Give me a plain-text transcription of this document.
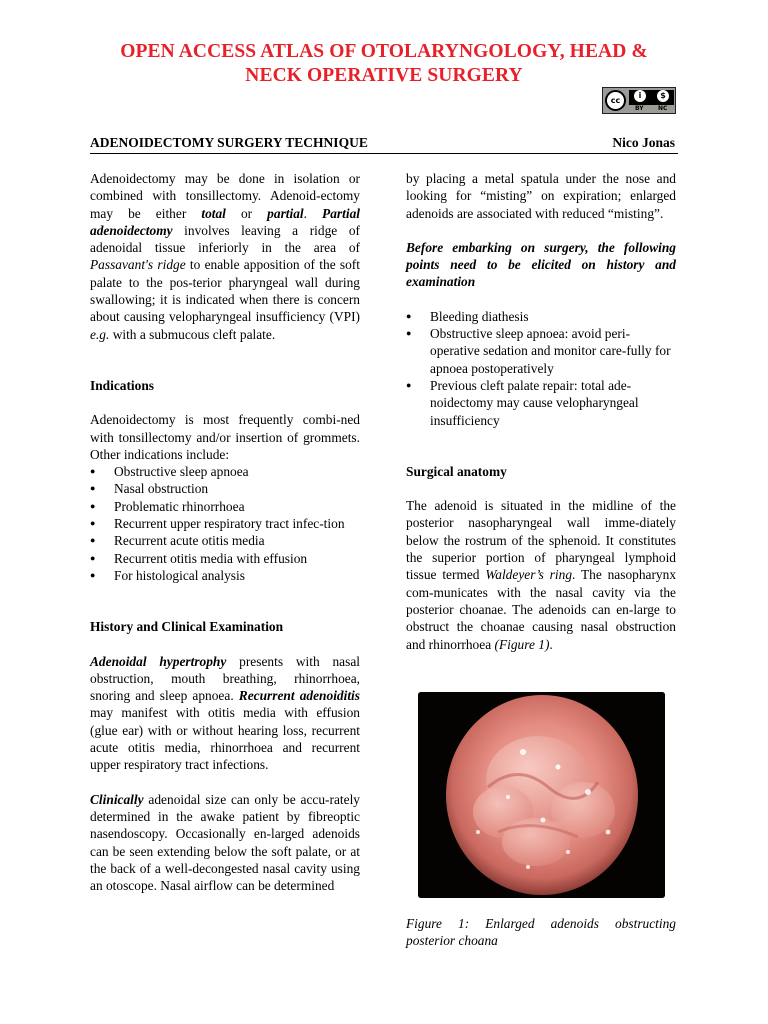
OPEN ACCESS ATLAS OF OTOLARYNGOLOGY, HEAD &
NECK OPERATIVE SURGERY
cc
i	$
BY NC
ADENOIDECTOMY SURGERY TECHNIQUE	Nico Jonas

Adenoidectomy may be done in isolation or combined with tonsillectomy. Adenoid-ectomy may be either total or partial. Partial adenoidectomy involves leaving a ridge of adenoidal tissue inferiorly in the area of Passavant's ridge to enable apposition of the soft palate to the pos-terior pharyngeal wall during swallowing; it is indicated when there is concern about causing velopharyngeal insufficiency (VPI) e.g. with a submucous cleft palate.

Indications

Adenoidectomy is most frequently combi-ned with tonsillectomy and/or insertion of grommets. Other indications include:

● Obstructive sleep apnoea
● Nasal obstruction
● Problematic rhinorrhoea
● Recurrent upper respiratory tract infec-tion
● Recurrent acute otitis media
● Recurrent otitis media with effusion
● For histological analysis

History and Clinical Examination

Adenoidal hypertrophy presents with nasal obstruction, mouth breathing, rhinorrhoea, snoring and sleep apnoea. Recurrent adenoiditis may manifest with otitis media with effusion (glue ear) with or without hearing loss, recurrent acute otitis media, rhinorrhoea and recurrent upper respiratory tract infections.

Clinically adenoidal size can only be accu-rately determined in the awake patient by fibreoptic nasendoscopy. Occasionally en-larged adenoids can be seen extending below the soft palate, or at the back of a well-decongested nasal cavity using an otoscope. Nasal airflow can be determined

by placing a metal spatula under the nose and looking for “misting” on expiration; enlarged adenoids are associated with reduced “misting”.

Before embarking on surgery, the following points need to be elicited on history and examination

● Bleeding diathesis
● Obstructive sleep apnoea: avoid peri-operative sedation and monitor care-fully for apnoea postoperatively
● Previous cleft palate repair: total ade-noidectomy may cause velopharyngeal insufficiency

Surgical anatomy

The adenoid is situated in the midline of the posterior nasopharyngeal wall imme-diately below the rostrum of the sphenoid. It constitutes the superior portion of pharyngeal lymphoid tissue termed Waldeyer’s ring. The nasopharynx com-municates with the nasal cavity via the posterior choanae. The adenoids can en-large to obstruct the choanae causing nasal obstruction and rhinorrhoea (Figure 1).

Figure 1: Enlarged adenoids obstructing posterior choana
